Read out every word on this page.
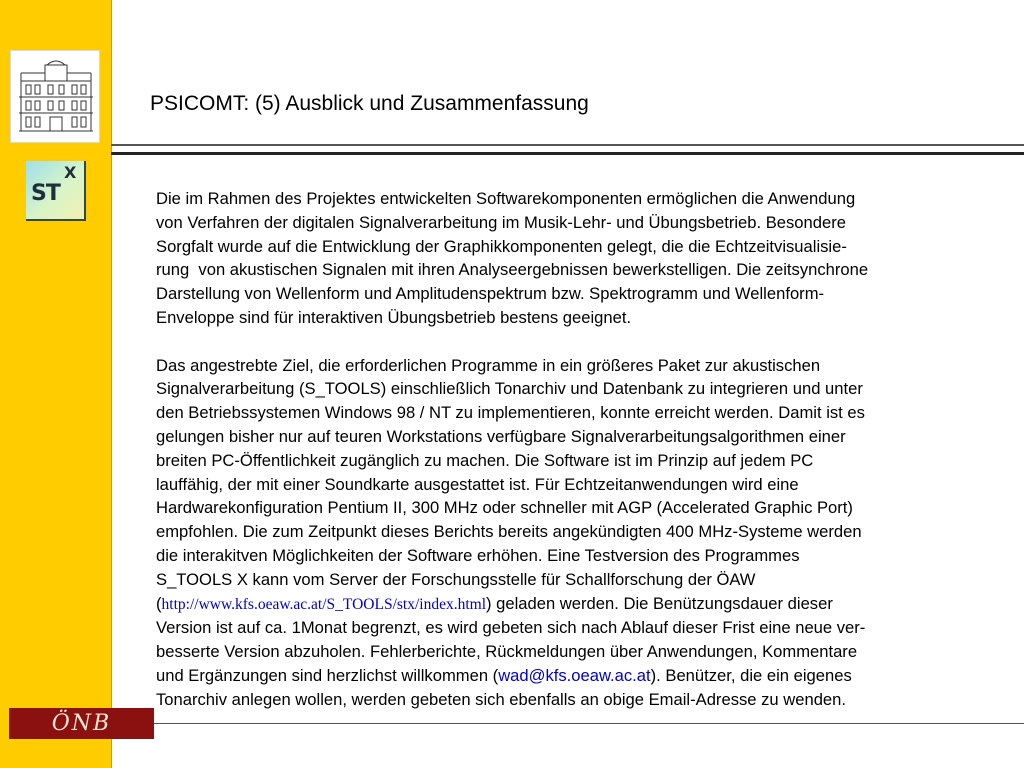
ST
X
ÖNB
PSICOMT: (5) Ausblick und Zusammenfassung

Die im Rahmen des Projektes entwickelten Softwarekomponenten ermöglichen die Anwendung
von Verfahren der digitalen Signalverarbeitung im Musik-Lehr- und Übungsbetrieb. Besondere
Sorgfalt wurde auf die Entwicklung der Graphikkomponenten gelegt, die die Echtzeitvisualisie-
rung  von akustischen Signalen mit ihren Analyseergebnissen bewerkstelligen. Die zeitsynchrone
Darstellung von Wellenform und Amplitudenspektrum bzw. Spektrogramm und Wellenform-
Enveloppe sind für interaktiven Übungsbetrieb bestens geeignet.

Das angestrebte Ziel, die erforderlichen Programme in ein größeres Paket zur akustischen
Signalverarbeitung (S_TOOLS) einschließlich Tonarchiv und Datenbank zu integrieren und unter
den Betriebssystemen Windows 98 / NT zu implementieren, konnte erreicht werden. Damit ist es
gelungen bisher nur auf teuren Workstations verfügbare Signalverarbeitungsalgorithmen einer
breiten PC-Öffentlichkeit zugänglich zu machen. Die Software ist im Prinzip auf jedem PC
lauffähig, der mit einer Soundkarte ausgestattet ist. Für Echtzeitanwendungen wird eine
Hardwarekonfiguration Pentium II, 300 MHz oder schneller mit AGP (Accelerated Graphic Port)
empfohlen. Die zum Zeitpunkt dieses Berichts bereits angekündigten 400 MHz-Systeme werden
die interakitven Möglichkeiten der Software erhöhen. Eine Testversion des Programmes
S_TOOLS X kann vom Server der Forschungsstelle für Schallforschung der ÖAW
(http://www.kfs.oeaw.ac.at/S_TOOLS/stx/index.html) geladen werden. Die Benützungsdauer dieser
Version ist auf ca. 1Monat begrenzt, es wird gebeten sich nach Ablauf dieser Frist eine neue ver-
besserte Version abzuholen. Fehlerberichte, Rückmeldungen über Anwendungen, Kommentare
und Ergänzungen sind herzlichst willkommen (wad@kfs.oeaw.ac.at). Benützer, die ein eigenes
Tonarchiv anlegen wollen, werden gebeten sich ebenfalls an obige Email-Adresse zu wenden.
